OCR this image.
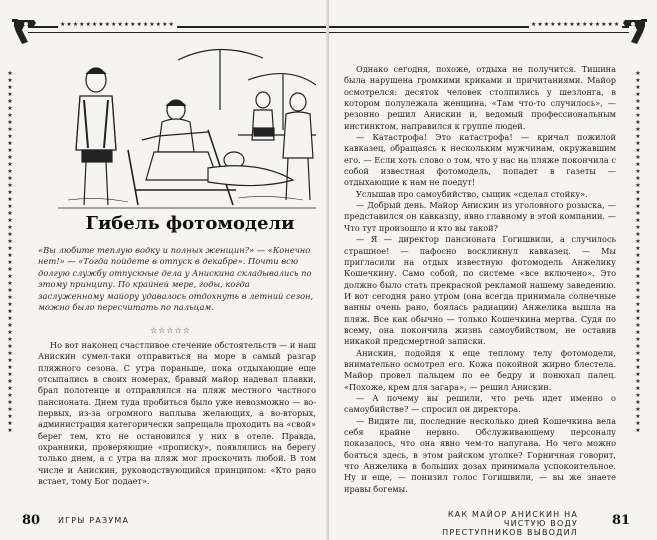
★★★★★★★★★★★★★★★★★★
Гибель фотомодели

«Вы любите теплую водку и полных женщин?» — «Конечно нет!» — «Тогда пойдете в отпуск в декабре». Почти всю долгую службу отпускные дела у Анискина складывались по этому принципу. По крайней мере, годы, когда заслуженному майору удавалось отдохнуть в летний сезон, можно было пересчитать по пальцам.

☆☆☆☆☆

Но вот наконец счастливое стечение обстоятельств — и наш Анискин сумел-таки отправиться на море в самый разгар пляжного сезона. С утра пораньше, пока отдыхающие еще отсыпались в своих номерах, бравый майор надевал плавки, брал полотенце и отправлялся на пляж местного частного пансионата. Днем туда пробиться было уже невозможно — во-первых, из-за огромного наплыва желающих, а во-вторых, администрация категорически запрещала проходить на «свой» берег тем, кто не остановился у них в отеле. Правда, охранники, проверяющие «прописку», появлялись на берегу только днем, а с утра на пляж мог проскочить любой. В том числе и Анискин, руководствующийся принципом: «Кто рано встает, тому Бог подает».

★★★★★★★★★★★★★★★★★★★★★★★★★★★★★★★★★★★★★★★★★★★★★★★★★★★★
80 ИГРЫ РАЗУМА
★★★★★★★★★★★★★★
★★★★★★★★★★★★★★★★★★★★★★★★★★★★★★★★★★★★★★★★★★★★★★★★★★★★

Однако сегодня, похоже, отдыха не получится. Тишина была нарушена громкими криками и причитаниями. Майор осмотрелся: десяток человек столпились у шезлонга, в котором полулежала женщина. «Там что-то случилось», — резонно решил Анискин и, ведомый профессиональным инстинктом, направился к группе людей.

— Катастрофа! Это катастрофа! — кричал пожилой кавказец, обращаясь к нескольким мужчинам, окружавшим его. — Если хоть слово о том, что у нас на пляже покончила с собой известная фотомодель, попадет в газеты — отдыхающие к нам не поедут!

Услышав про самоубийство, сыщик «сделал стойку».

— Добрый день. Майор Анискин из уголовного розыска, — представился он кавказцу, явно главному в этой компании. — Что тут произошло и кто вы такой?

— Я — директор пансионата Гогишвили, а случилось страшное! — пафосно воскликнул кавказец. — Мы пригласили на отдых известную фотомодель Анжелику Кошечкину. Само собой, по системе «все включено». Это должно было стать прекрасной рекламой нашему заведению. И вот сегодня рано утром (она всегда принимала солнечные ванны очень рано, боялась радиации) Анжелика вышла на пляж. Все как обычно — только Кошечкина мертва. Судя по всему, она покончила жизнь самоубийством, не оставив никакой предсмертной записки.

Анискин, подойдя к еще теплому телу фотомодели, внимательно осмотрел его. Кожа покойной жирно блестела. Майор провел пальцем по ее бедру и понюхал палец. «Похоже, крем для загара», — решил Анискин.

— А почему вы решили, что речь идет именно о самоубийстве? — спросил он директора.

— Видите ли, последние несколько дней Кошечкина вела себя крайне нервно. Обслуживающему персоналу показалось, что она явно чем-то напугана. Но чего можно бояться здесь, в этом райском уголке? Горничная говорит, что Анжелика в больших дозах принимала успокоительное. Ну и еще, — понизил голос Гогишвили, — вы же знаете нравы богемы.

КАК МАЙОР АНИСКИН НА ЧИСТУЮ ВОДУ
ПРЕСТУПНИКОВ ВЫВОДИЛ
81
